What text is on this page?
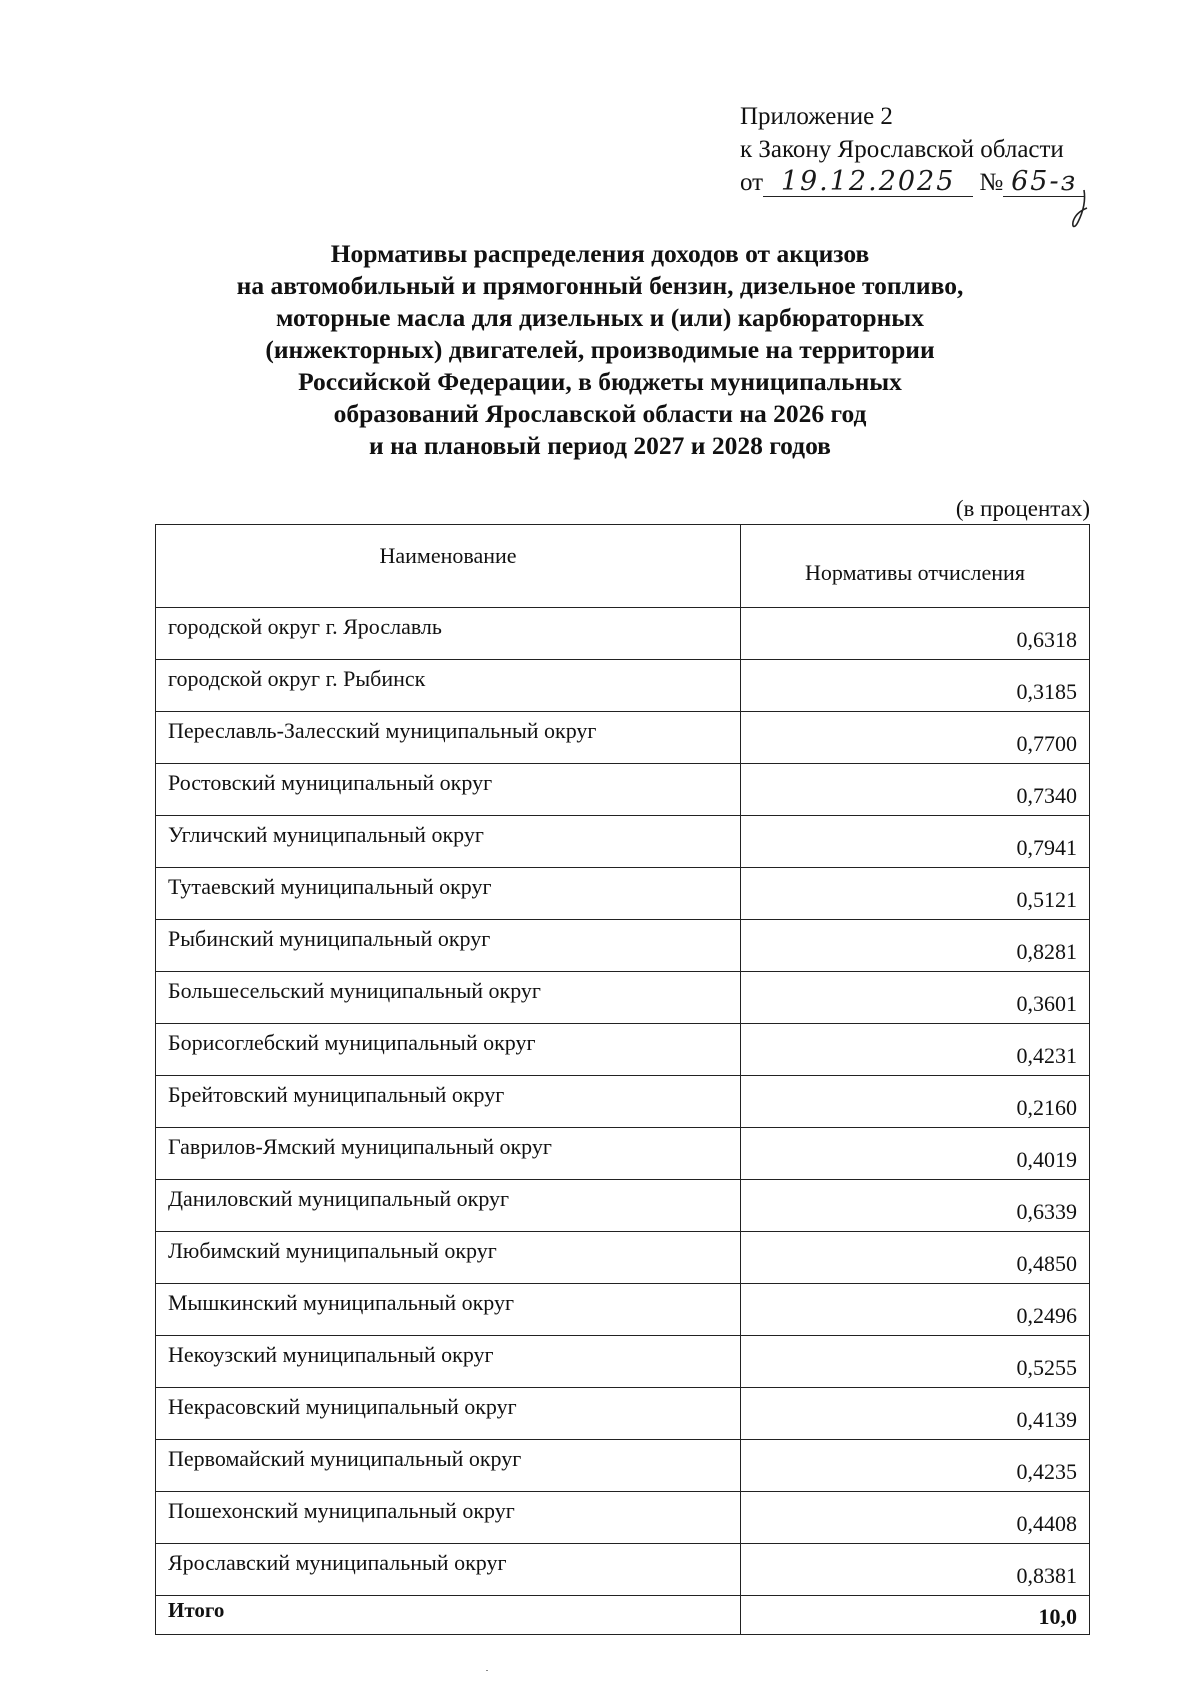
Приложение 2
к Закону Ярославской области
от 19.12.2025 № 65-з
Нормативы распределения доходов от акцизов
на автомобильный и прямогонный бензин, дизельное топливо,
моторные масла для дизельных и (или) карбюраторных
(инжекторных) двигателей, производимые на территории
Российской Федерации, в бюджеты муниципальных
образований Ярославской области на 2026 год
и на плановый период 2027 и 2028 годов
(в процентах)
Наименование	Нормативы отчисления
городской округ г. Ярославль	0,6318
городской округ г. Рыбинск	0,3185
Переславль-Залесский муниципальный округ	0,7700
Ростовский муниципальный округ	0,7340
Угличский муниципальный округ	0,7941
Тутаевский муниципальный округ	0,5121
Рыбинский муниципальный округ	0,8281
Большесельский муниципальный округ	0,3601
Борисоглебский муниципальный округ	0,4231
Брейтовский муниципальный округ	0,2160
Гаврилов-Ямский муниципальный округ	0,4019
Даниловский муниципальный округ	0,6339
Любимский муниципальный округ	0,4850
Мышкинский муниципальный округ	0,2496
Некоузский муниципальный округ	0,5255
Некрасовский муниципальный округ	0,4139
Первомайский муниципальный округ	0,4235
Пошехонский муниципальный округ	0,4408
Ярославский муниципальный округ	0,8381
Итого	10,0
